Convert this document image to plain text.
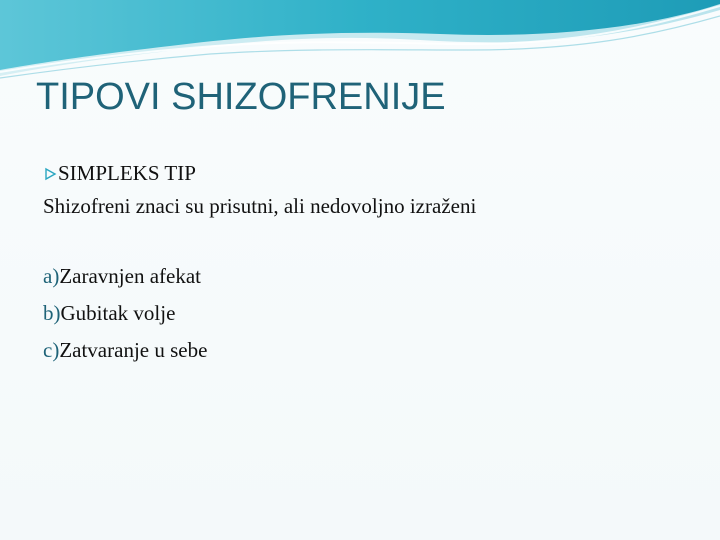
TIPOVI SHIZOFRENIJE
SIMPLEKS TIP
Shizofreni znaci su prisutni, ali nedovoljno izraženi
a)Zaravnjen afekat
b)Gubitak volje
c)Zatvaranje u sebe
